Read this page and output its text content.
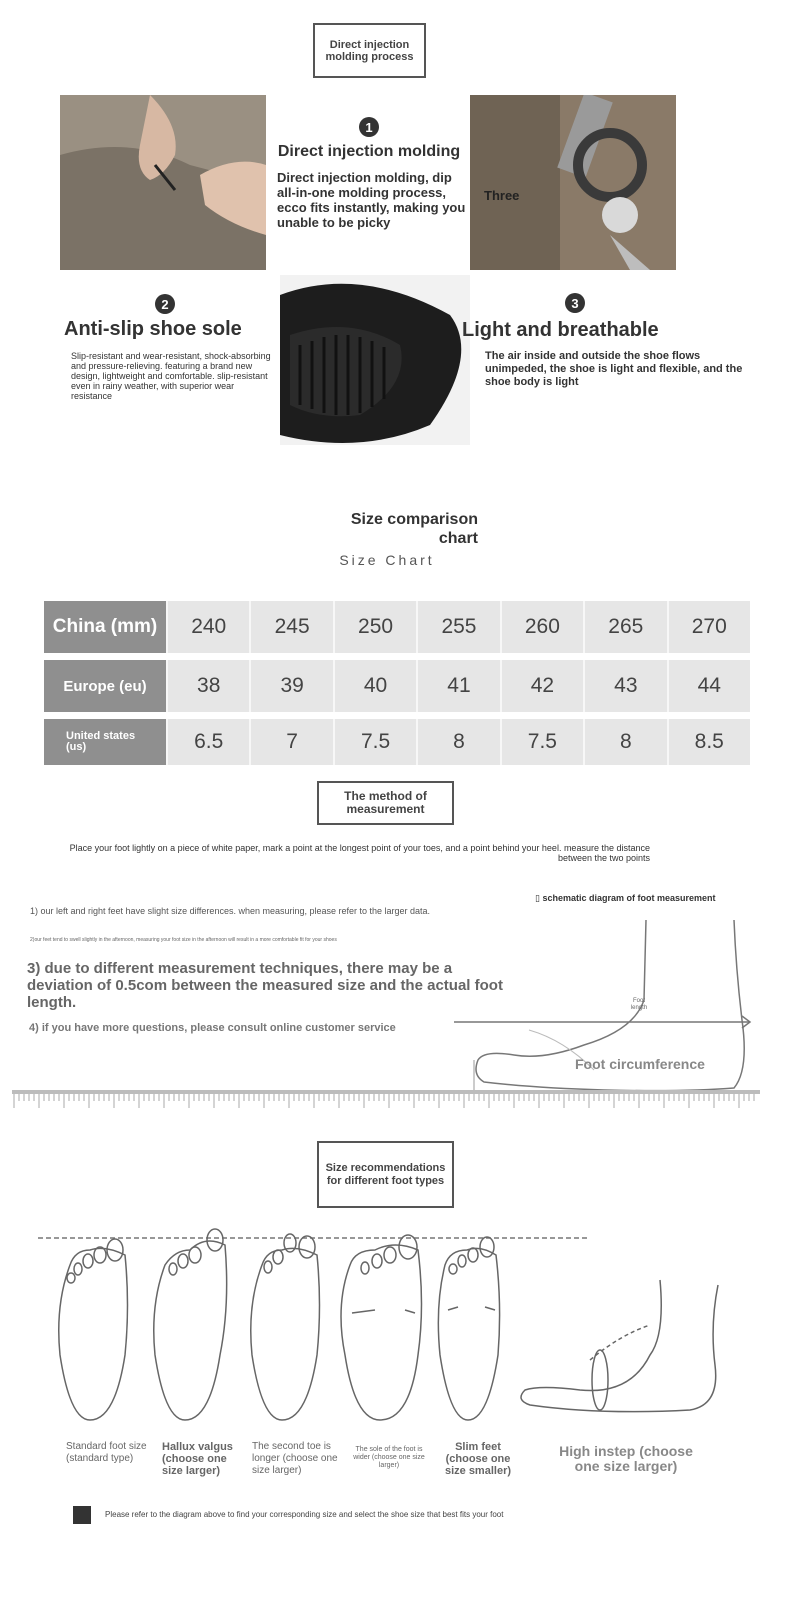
Direct injection molding process
1
Direct injection molding
Direct injection molding, dip all-in-one molding process, ecco fits instantly, making you unable to be picky
Three
2
Anti-slip shoe sole
Slip-resistant and wear-resistant, shock-absorbing and pressure-relieving. featuring a brand new design, lightweight and comfortable. slip-resistant even in rainy weather, with superior wear resistance
3
Light and breathable
The air inside and outside the shoe flows unimpeded, the shoe is light and flexible, and the shoe body is light
Size comparison chart
Size Chart
China (mm)	240	245	250	255	260	265	270
Europe (eu)	38	39	40	41	42	43	44
United states (us)	6.5	7	7.5	8	7.5	8	8.5
The method of measurement
Place your foot lightly on a piece of white paper, mark a point at the longest point of your toes, and a point behind your heel. measure the distance between the two points
▯ schematic diagram of foot measurement
1) our left and right feet have slight size differences. when measuring, please refer to the larger data.
2)our feet tend to swell slightly in the afternoon, measuring your foot size in the afternoon will result in a more comfortable fit for your shoes
3) due to different measurement techniques, there may be a deviation of 0.5com between the measured size and the actual foot length.
4) if you have more questions, please consult online customer service
Foot length
Foot circumference
Size recommendations for different foot types
Standard foot size (standard type)
Hallux valgus (choose one size larger)
The second toe is longer (choose one size larger)
The sole of the foot is wider (choose one size larger)
Slim feet (choose one size smaller)
High instep (choose one size larger)
Please refer to the diagram above to find your corresponding size and select the shoe size that best fits your foot
